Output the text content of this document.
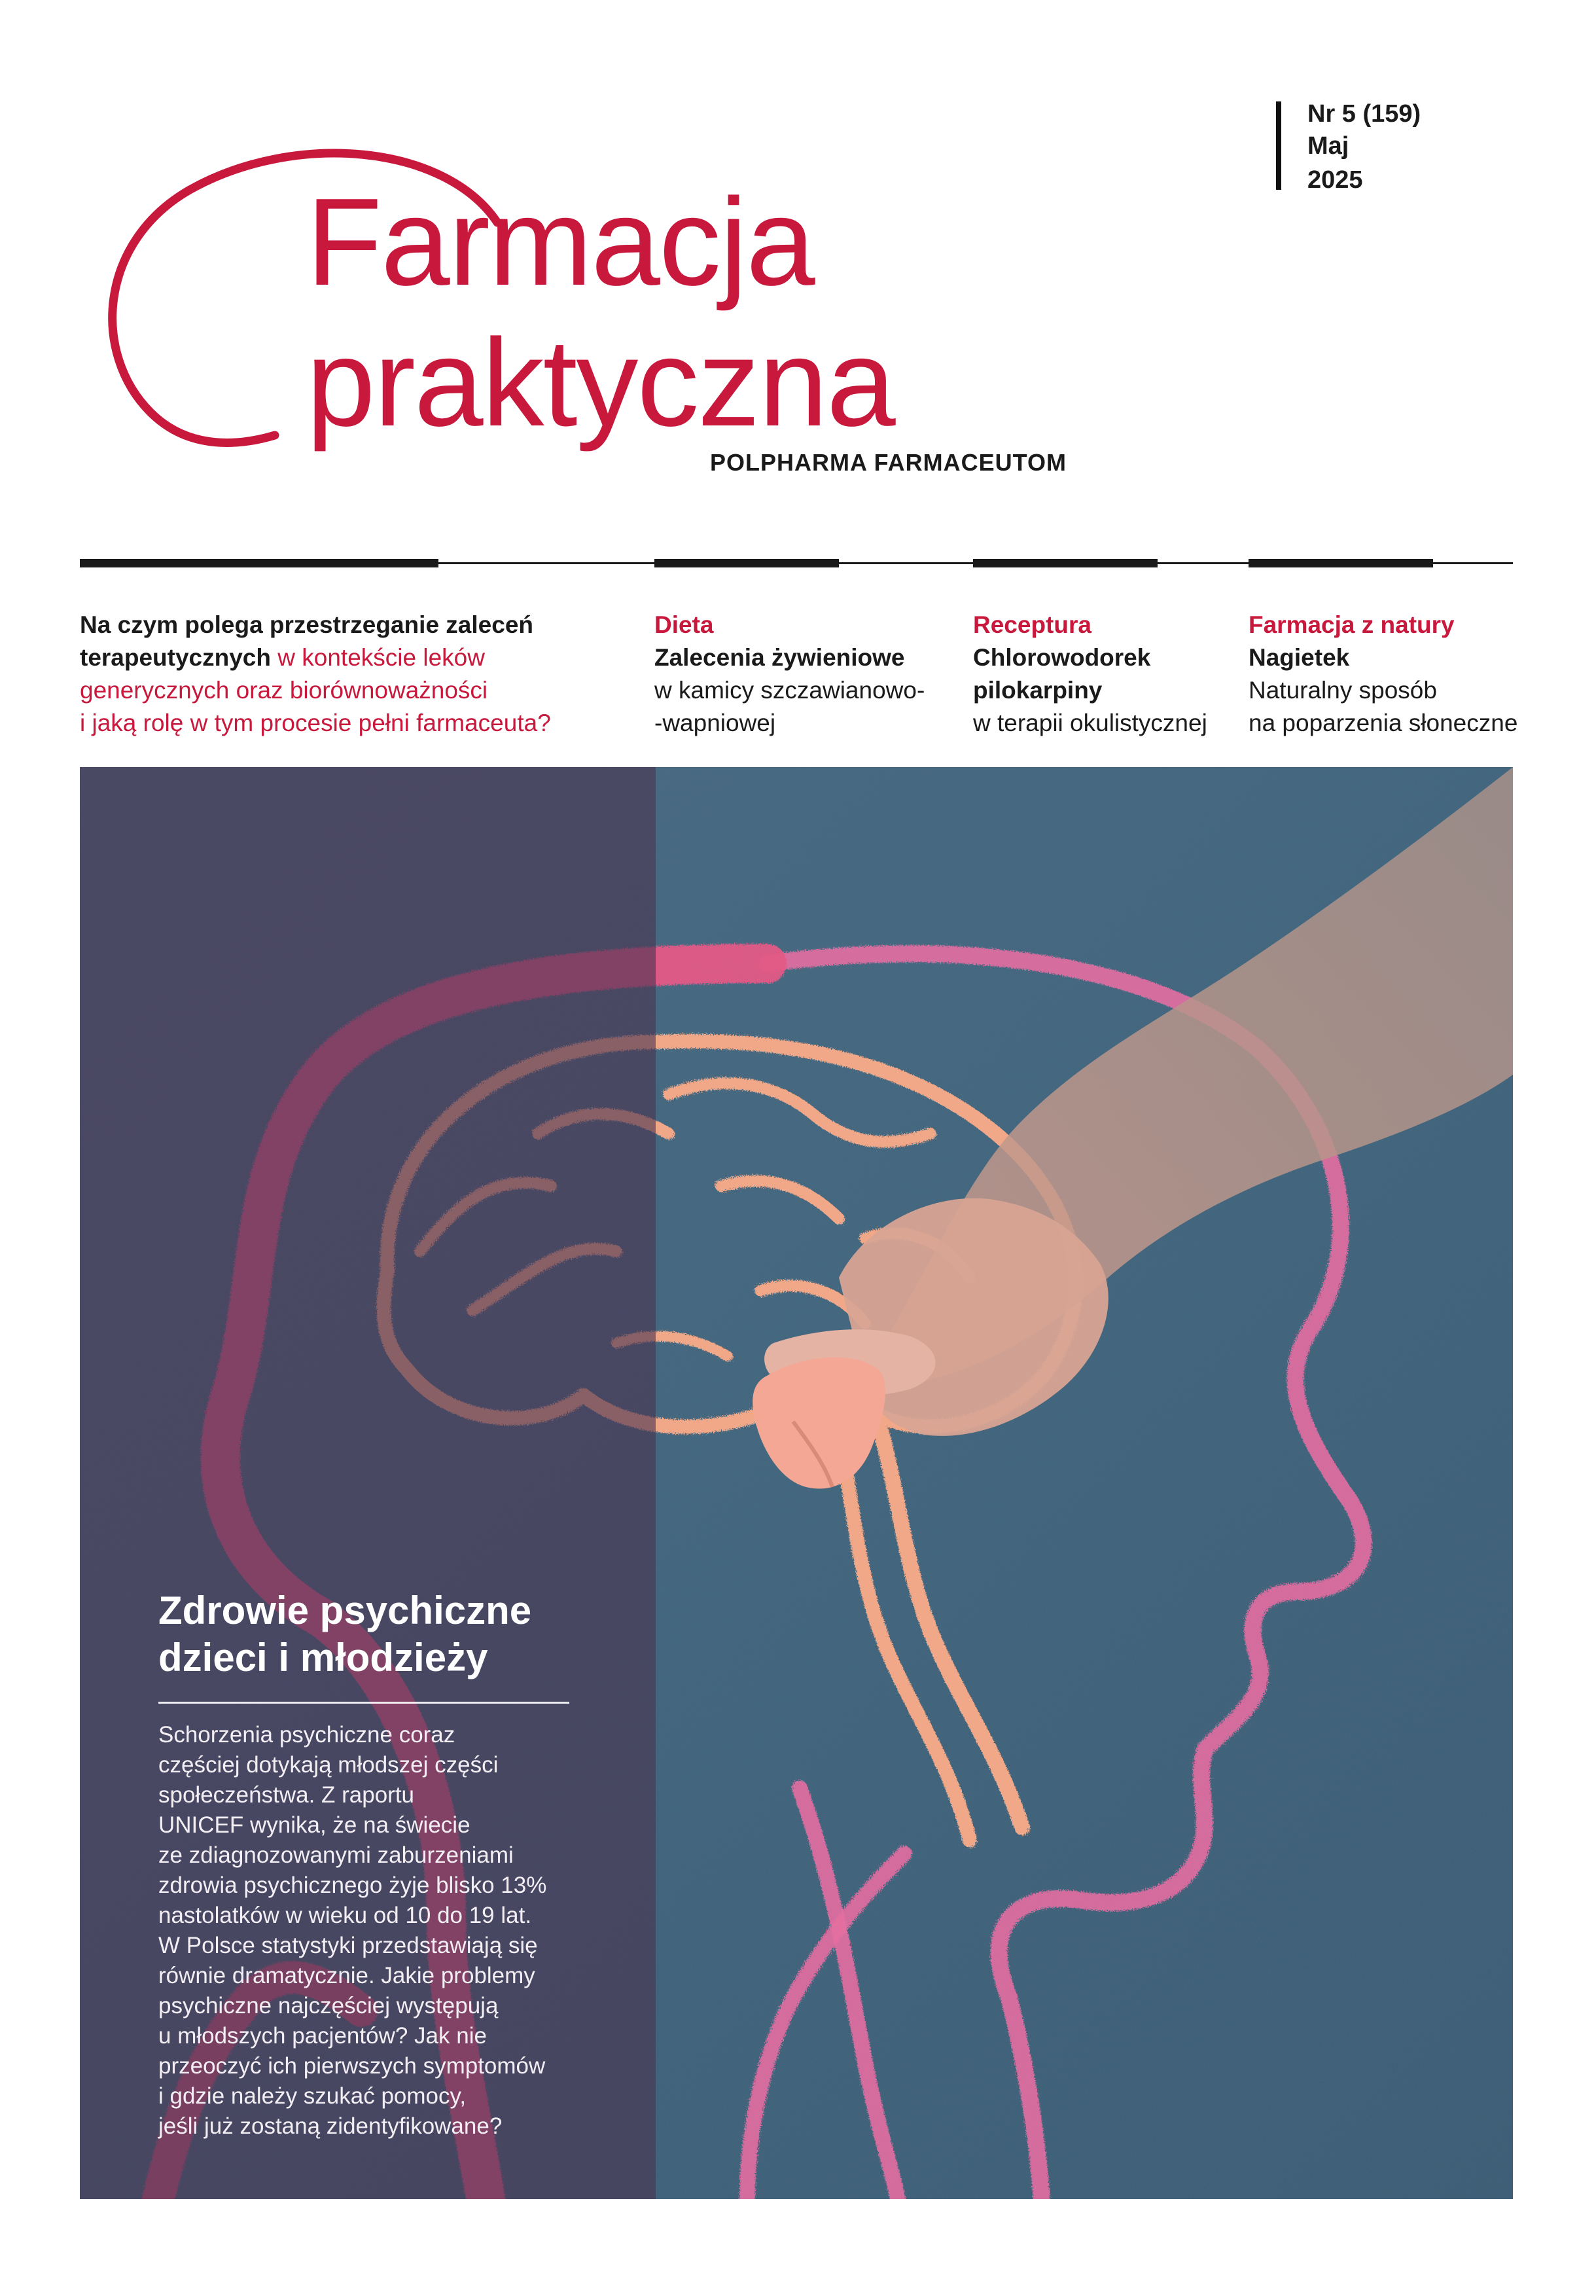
Farmacja
praktyczna
POLPHARMA FARMACEUTOM
Nr 5 (159)
Maj
2025
Na czym polega przestrzeganie zaleceń
terapeutycznych w kontekście leków
generycznych oraz biorównoważności
i jaką rolę w tym procesie pełni farmaceuta?
Dieta
Zalecenia żywieniowe
w kamicy szczawianowo-
-wapniowej
Receptura
Chlorowodorek
pilokarpiny
w terapii okulistycznej
Farmacja z natury
Nagietek
Naturalny sposób
na poparzenia słoneczne
Zdrowie psychiczne
dzieci i młodzieży
Schorzenia psychiczne coraz
częściej dotykają młodszej części
społeczeństwa. Z raportu
UNICEF wynika, że na świecie
ze zdiagnozowanymi zaburzeniami
zdrowia psychicznego żyje blisko 13%
nastolatków w wieku od 10 do 19 lat.
W Polsce statystyki przedstawiają się
równie dramatycznie. Jakie problemy
psychiczne najczęściej występują
u młodszych pacjentów? Jak nie
przeoczyć ich pierwszych symptomów
i gdzie należy szukać pomocy,
jeśli już zostaną zidentyfikowane?
